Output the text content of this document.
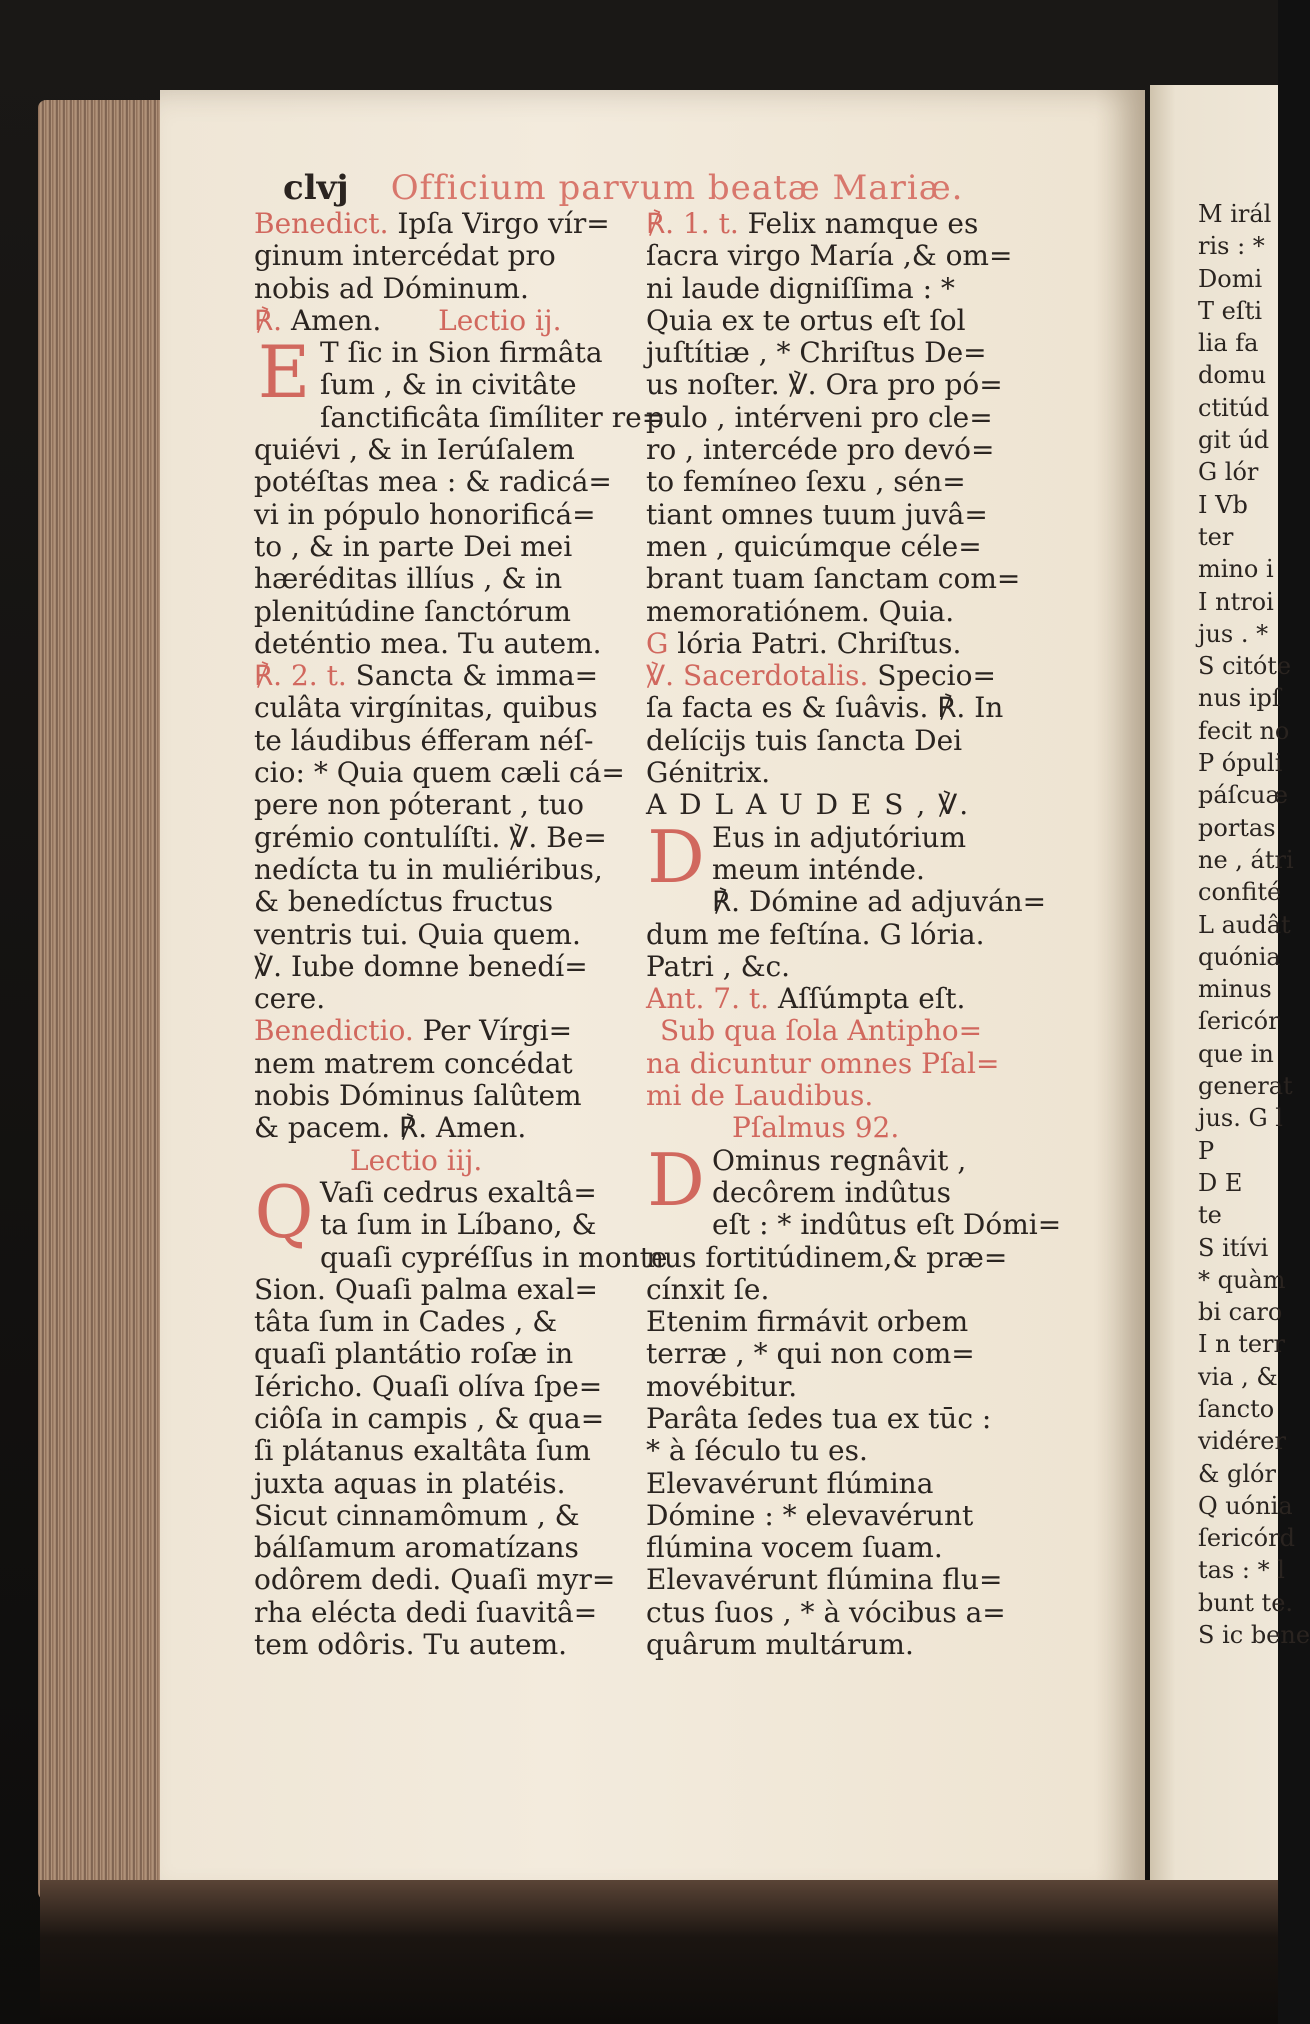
clvj Officium parvum beatæ Mariæ.
Benedict. Ipſa Virgo vír=
ginum intercédat pro
nobis ad Dóminum.
℟. Amen. Lectio ij.
E T ſic in Sion firmâta
ſum , & in civitâte
ſanctificâta ſimíliter re=
quiévi , & in Ierúſalem
potéſtas mea : & radicá=
vi in pópulo honorificá=
to , & in parte Dei mei
hæréditas illíus , & in
plenitúdine ſanctórum
deténtio mea. Tu autem.
℟. 2. t. Sancta & imma=
culâta virgínitas, quibus
te láudibus éfferam néſ-
cio: * Quia quem cæli cá=
pere non póterant , tuo
grémio contulíſti. ℣. Be=
nedícta tu in muliéribus,
& benedíctus fructus
ventris tui. Quia quem.
℣. Iube domne benedí=
cere.
Benedictio. Per Vírgi=
nem matrem concédat
nobis Dóminus ſalûtem
& pacem. ℟. Amen.
Lectio iij.
Q Vaſi cedrus exaltâ=
ta ſum in Líbano, &
quaſi cypréſſus in monte
Sion. Quaſi palma exal=
tâta ſum in Cades , &
quaſi plantátio roſæ in
Iéricho. Quaſi olíva ſpe=
ciôſa in campis , & qua=
ſi plátanus exaltâta ſum
juxta aquas in platéis.
Sicut cinnamômum , &
bálſamum aromatízans
odôrem dedi. Quaſi myr=
rha elécta dedi ſuavitâ=
tem odôris. Tu autem.
℟. 1. t. Felix namque es
ſacra virgo María ,& om=
ni laude digniſſima : *
Quia ex te ortus eſt ſol
juſtítiæ , * Chriſtus De=
us noſter. ℣. Ora pro pó=
pulo , intérveni pro cle=
ro , intercéde pro devó=
to femíneo ſexu , sén=
tiant omnes tuum juvâ=
men , quicúmque céle=
brant tuam ſanctam com=
memoratiónem. Quia.
G lória Patri. Chriſtus.
℣. Sacerdotalis. Specio=
ſa facta es & ſuâvis. ℟. In
delícijs tuis ſancta Dei
Génitrix.
A D L A U D E S , ℣.
D Eus in adjutórium
meum inténde.
℟. Dómine ad adjuván=
dum me feſtína. G lória.
Patri , &c.
Ant. 7. t. Aſſúmpta eſt.
Sub qua ſola Antipho=
na dicuntur omnes Pſal=
mi de Laudibus.
Pſalmus 92.
D Ominus regnâvit ,
decôrem indûtus
eſt : * indûtus eſt Dómi=
nus fortitúdinem,& præ=
cínxit ſe.
Etenim firmávit orbem
terræ , * qui non com=
movébitur.
Parâta ſedes tua ex tūc :
* à ſéculo tu es.
Elevavérunt flúmina
Dómine : * elevavérunt
flúmina vocem ſuam.
Elevavérunt flúmina flu=
ctus ſuos , * à vócibus a=
quârum multárum.
M irál
ris : *
Domi
T eſti
lia fa
domu
ctitúd
git úd
G lór
I Vb
ter
mino i
I ntroi
jus . *
S citóte
nus ipſ
fecit no
P ópuli
páſcuæ
portas
ne , átri
confité
L audât
quónia
minus
ſericór
que in
generat
jus. G l
P
D E
te
S itívi
* quàm
bi caro
I n terr
via , &
ſancto
vidérer
& glór
Q uónia
ſericórd
tas : * l
bunt te.
S ic bene
